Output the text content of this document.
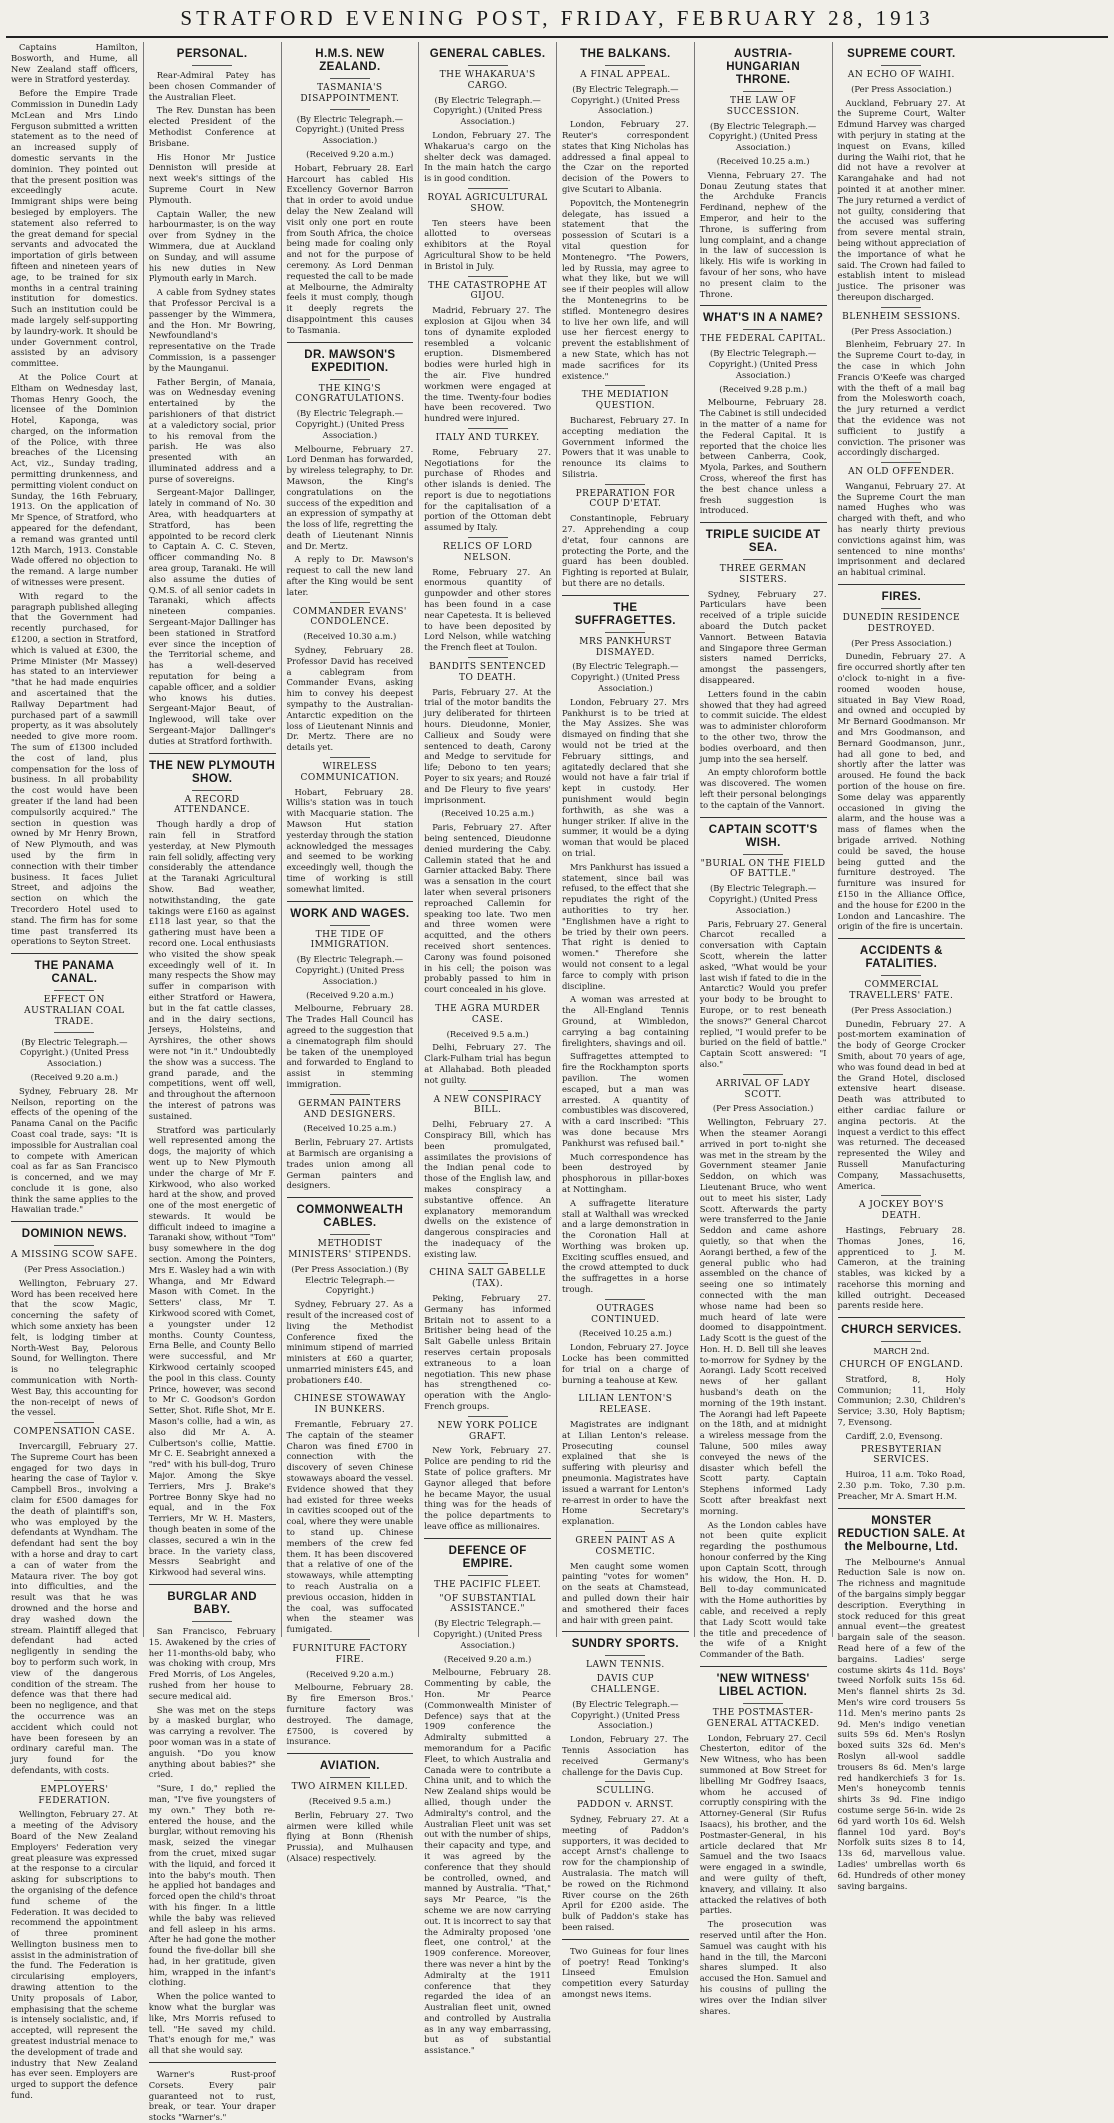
STRATFORD EVENING POST, FRIDAY, FEBRUARY 28, 1913

Captains Hamilton, Bosworth, and Hume, all New Zealand staff officers, were in Stratford yesterday.

Before the Empire Trade Commission in Dunedin Lady McLean and Mrs Lindo Ferguson submitted a written statement as to the need of an increased supply of domestic servants in the dominion. They pointed out that the present position was exceedingly acute. Immigrant ships were being besieged by employers. The statement also referred to the great demand for special servants and advocated the importation of girls between fifteen and nineteen years of age, to be trained for six months in a central training institution for domestics. Such an institution could be made largely self-supporting by laundry-work. It should be under Government control, assisted by an advisory committee.

At the Police Court at Eltham on Wednesday last, Thomas Henry Gooch, the licensee of the Dominion Hotel, Kaponga, was charged, on the information of the Police, with three breaches of the Licensing Act, viz., Sunday trading, permitting drunkenness, and permitting violent conduct on Sunday, the 16th February, 1913. On the application of Mr Spence, of Stratford, who appeared for the defendant, a remand was granted until 12th March, 1913. Constable Wade offered no objection to the remand. A large number of witnesses were present.

With regard to the paragraph published alleging that the Government had recently purchased, for £1200, a section in Stratford, which is valued at £300, the Prime Minister (Mr Massey) has stated to an interviewer "that he had made enquiries and ascertained that the Railway Department had purchased part of a sawmill property, as it was absolutely needed to give more room. The sum of £1300 included the cost of land, plus compensation for the loss of business. In all probability the cost would have been greater if the land had been compulsorily acquired." The section in question was owned by Mr Henry Brown, of New Plymouth, and was used by the firm in connection with their timber business. It faces Juliet Street, and adjoins the section on which the Trecordero Hotel used to stand. The firm has for some time past transferred its operations to Seyton Street.

THE PANAMA CANAL.
EFFECT ON AUSTRALIAN COAL TRADE.

(By Electric Telegraph.—Copyright.) (United Press Association.)

(Received 9.20 a.m.)

Sydney, February 28. Mr Neilson, reporting on the effects of the opening of the Panama Canal on the Pacific Coast coal trade, says: "It is impossible for Australian coal to compete with American coal as far as San Francisco is concerned, and we may conclude it is gone, also think the same applies to the Hawaiian trade."

DOMINION NEWS.
A MISSING SCOW SAFE.

(Per Press Association.)

Wellington, February 27. Word has been received here that the scow Magic, concerning the safety of which some anxiety has been felt, is lodging timber at North-West Bay, Pelorous Sound, for Wellington. There is no telegraphic communication with North-West Bay, this accounting for the non-receipt of news of the vessel.

COMPENSATION CASE.

Invercargill, February 27. The Supreme Court has been engaged for two days in hearing the case of Taylor v. Campbell Bros., involving a claim for £500 damages for the death of plaintiff's son, who was employed by the defendants at Wyndham. The defendant had sent the boy with a horse and dray to cart a can of water from the Mataura river. The boy got into difficulties, and the result was that he was drowned and the horse and dray washed down the stream. Plaintiff alleged that defendant had acted negligently in sending the boy to perform such work, in view of the dangerous condition of the stream. The defence was that there had been no negligence, and that the occurrence was an accident which could not have been foreseen by an ordinary careful man. The jury found for the defendants, with costs.

EMPLOYERS' FEDERATION.

Wellington, February 27. At a meeting of the Advisory Board of the New Zealand Employers' Federation very great pleasure was expressed at the response to a circular asking for subscriptions to the organising of the defence fund scheme of the Federation. It was decided to recommend the appointment of three prominent Wellington business men to assist in the administration of the fund. The Federation is circularising employers, drawing attention to the Unity proposals of Labor, emphasising that the scheme is intensely socialistic, and, if accepted, will represent the greatest industrial menace to the development of trade and industry that New Zealand has ever seen. Employers are urged to support the defence fund.

PERSONAL.

Rear-Admiral Patey has been chosen Commander of the Australian Fleet.

The Rev. Dunstan has been elected President of the Methodist Conference at Brisbane.

His Honor Mr Justice Denniston will preside at next week's sittings of the Supreme Court in New Plymouth.

Captain Waller, the new harbourmaster, is on the way over from Sydney in the Wimmera, due at Auckland on Sunday, and will assume his new duties in New Plymouth early in March.

A cable from Sydney states that Professor Percival is a passenger by the Wimmera, and the Hon. Mr Bowring, Newfoundland's representative on the Trade Commission, is a passenger by the Maunganui.

Father Bergin, of Manaia, was on Wednesday evening entertained by the parishioners of that district at a valedictory social, prior to his removal from the parish. He was also presented with an illuminated address and a purse of sovereigns.

Sergeant-Major Dallinger, lately in command of No. 30 Area, with headquarters at Stratford, has been appointed to be record clerk to Captain A. C. C. Steven, officer commanding No. 8 area group, Taranaki. He will also assume the duties of Q.M.S. of all senior cadets in Taranaki, which affects nineteen companies. Sergeant-Major Dallinger has been stationed in Stratford ever since the inception of the Territorial scheme, and has a well-deserved reputation for being a capable officer, and a soldier who knows his duties. Sergeant-Major Beaut, of Inglewood, will take over Sergeant-Major Dallinger's duties at Stratford forthwith.

THE NEW PLYMOUTH SHOW.
A RECORD ATTENDANCE.

Though hardly a drop of rain fell in Stratford yesterday, at New Plymouth rain fell solidly, affecting very considerably the attendance at the Taranaki Agricultural Show. Bad weather, notwithstanding, the gate takings were £160 as against £118 last year, so that the gathering must have been a record one. Local enthusiasts who visited the show speak exceedingly well of it. In many respects the Show may suffer in comparison with either Stratford or Hawera, but in the fat cattle classes, and in the dairy sections, Jerseys, Holsteins, and Ayrshires, the other shows were not "in it." Undoubtedly the show was a success. The grand parade, and the competitions, went off well, and throughout the afternoon the interest of patrons was sustained.

Stratford was particularly well represented among the dogs, the majority of which went up to New Plymouth under the charge of Mr F. Kirkwood, who also worked hard at the show, and proved one of the most energetic of stewards. It would be difficult indeed to imagine a Taranaki show, without "Tom" busy somewhere in the dog section. Among the Pointers, Mrs E. Wasley had a win with Whanga, and Mr Edward Mason with Comet. In the Setters' class, Mr T. Kirkwood scored with Comet, a youngster under 12 months. County Countess, Erna Belle, and County Bello were successful, and Mr Kirkwood certainly scooped the pool in this class. County Prince, however, was second to Mr C. Goodson's Gordon Setter, Shot. Rifle Shot, Mr E. Mason's collie, had a win, as also did Mr A. A. Culbertson's collie, Mattie. Mr C. E. Seabright annexed a "red" with his bull-dog, Truro Major. Among the Skye Terriers, Mrs J. Brake's Portree Bonny Skye had no equal, and in the Fox Terriers, Mr W. H. Masters, though beaten in some of the classes, secured a win in the brace. In the variety class, Messrs Seabright and Kirkwood had several wins.

BURGLAR AND BABY.

San Francisco, February 15. Awakened by the cries of her 11-months-old baby, who was choking with croup, Mrs Fred Morris, of Los Angeles, rushed from her house to secure medical aid.

She was met on the steps by a masked burglar, who was carrying a revolver. The poor woman was in a state of anguish. "Do you know anything about babies?" she cried.

"Sure, I do," replied the man, "I've five youngsters of my own." They both re-entered the house, and the burglar, without removing his mask, seized the vinegar from the cruet, mixed sugar with the liquid, and forced it into the baby's mouth. Then he applied hot bandages and forced open the child's throat with his finger. In a little while the baby was relieved and fell asleep in his arms. After he had gone the mother found the five-dollar bill she had, in her gratitude, given him, wrapped in the infant's clothing.

When the police wanted to know what the burglar was like, Mrs Morris refused to tell. "He saved my child. That's enough for me," was all that she would say.

Warner's Rust-proof Corsets. Every pair guaranteed not to rust, break, or tear. Your draper stocks "Warner's."

H.M.S. NEW ZEALAND.
TASMANIA'S DISAPPOINTMENT.

(By Electric Telegraph.—Copyright.) (United Press Association.)

(Received 9.20 a.m.)

Hobart, February 28. Earl Harcourt has cabled His Excellency Governor Barron that in order to avoid undue delay the New Zealand will visit only one port en route from South Africa, the choice being made for coaling only and not for the purpose of ceremony. As Lord Denman requested the call to be made at Melbourne, the Admiralty feels it must comply, though it deeply regrets the disappointment this causes to Tasmania.

DR. MAWSON'S EXPEDITION.
THE KING'S CONGRATULATIONS.

(By Electric Telegraph.—Copyright.) (United Press Association.)

Melbourne, February 27. Lord Denman has forwarded, by wireless telegraphy, to Dr. Mawson, the King's congratulations on the success of the expedition and an expression of sympathy at the loss of life, regretting the death of Lieutenant Ninnis and Dr. Mertz.

A reply to Dr. Mawson's request to call the new land after the King would be sent later.

COMMANDER EVANS' CONDOLENCE.

(Received 10.30 a.m.)

Sydney, February 28. Professor David has received a cablegram from Commander Evans, asking him to convey his deepest sympathy to the Australian-Antarctic expedition on the loss of Lieutenant Ninnis and Dr. Mertz. There are no details yet.

WIRELESS COMMUNICATION.

Hobart, February 28. Willis's station was in touch with Macquarie station. The Mawson Hut station yesterday through the station acknowledged the messages and seemed to be working exceedingly well, though the time of working is still somewhat limited.

WORK AND WAGES.
THE TIDE OF IMMIGRATION.

(By Electric Telegraph.—Copyright.) (United Press Association.)

(Received 9.20 a.m.)

Melbourne, February 28. The Trades Hall Council has agreed to the suggestion that a cinematograph film should be taken of the unemployed and forwarded to England to assist in stemming immigration.

GERMAN PAINTERS AND DESIGNERS.

(Received 10.25 a.m.)

Berlin, February 27. Artists at Barmisch are organising a trades union among all German painters and designers.

COMMONWEALTH CABLES.
METHODIST MINISTERS' STIPENDS.

(Per Press Association.) (By Electric Telegraph.—Copyright.)

Sydney, February 27. As a result of the increased cost of living the Methodist Conference fixed the minimum stipend of married ministers at £60 a quarter, unmarried ministers £45, and probationers £40.

CHINESE STOWAWAY IN BUNKERS.

Fremantle, February 27. The captain of the steamer Charon was fined £700 in connection with the discovery of seven Chinese stowaways aboard the vessel. Evidence showed that they had existed for three weeks in cavities scooped out of the coal, where they were unable to stand up. Chinese members of the crew fed them. It has been discovered that a relative of one of the stowaways, while attempting to reach Australia on a previous occasion, hidden in the coal, was suffocated when the steamer was fumigated.

FURNITURE FACTORY FIRE.

(Received 9.20 a.m.)

Melbourne, February 28. By fire Emerson Bros.' furniture factory was destroyed. The damage, £7500, is covered by insurance.

AVIATION.
TWO AIRMEN KILLED.

(Received 9.5 a.m.)

Berlin, February 27. Two airmen were killed while flying at Bonn (Rhenish Prussia), and Mulhausen (Alsace) respectively.

GENERAL CABLES.
THE WHAKARUA'S CARGO.

(By Electric Telegraph.—Copyright.) (United Press Association.)

London, February 27. The Whakarua's cargo on the shelter deck was damaged. In the main hatch the cargo is in good condition.

ROYAL AGRICULTURAL SHOW.

Ten steers have been allotted to overseas exhibitors at the Royal Agricultural Show to be held in Bristol in July.

THE CATASTROPHE AT GIJOU.

Madrid, February 27. The explosion at Gijou when 34 tons of dynamite exploded resembled a volcanic eruption. Dismembered bodies were hurled high in the air. Five hundred workmen were engaged at the time. Twenty-four bodies have been recovered. Two hundred were injured.

ITALY AND TURKEY.

Rome, February 27. Negotiations for the purchase of Rhodes and other islands is denied. The report is due to negotiations for the capitalisation of a portion of the Ottoman debt assumed by Italy.

RELICS OF LORD NELSON.

Rome, February 27. An enormous quantity of gunpowder and other stores has been found in a case near Capetesta. It is believed to have been deposited by Lord Nelson, while watching the French fleet at Toulon.

BANDITS SENTENCED TO DEATH.

Paris, February 27. At the trial of the motor bandits the jury deliberated for thirteen hours. Dieudonne, Monier, Callieux and Soudy were sentenced to death, Carony and Medge to servitude for life; Debono to ten years; Poyer to six years; and Rouzé and De Fleury to five years' imprisonment.

(Received 10.25 a.m.)

Paris, February 27. After being sentenced, Dieudonne denied murdering the Caby. Callemin stated that he and Garnier attacked Baby. There was a sensation in the court later when several prisoners reproached Callemin for speaking too late. Two men and three women were acquitted, and the others received short sentences. Carony was found poisoned in his cell; the poison was probably passed to him in court concealed in his glove.

THE AGRA MURDER CASE.

(Received 9.5 a.m.)

Delhi, February 27. The Clark-Fulham trial has begun at Allahabad. Both pleaded not guilty.

A NEW CONSPIRACY BILL.

Delhi, February 27. A Conspiracy Bill, which has been promulgated, assimilates the provisions of the Indian penal code to those of the English law, and makes conspiracy a substantive offence. An explanatory memorandum dwells on the existence of dangerous conspiracies and the inadequacy of the existing law.

CHINA SALT GABELLE (TAX).

Peking, February 27. Germany has informed Britain not to assent to a Britisher being head of the Salt Gabelle unless Britain reserves certain proposals extraneous to a loan negotiation. This new phase has strengthened co-operation with the Anglo-French groups.

NEW YORK POLICE GRAFT.

New York, February 27. Police are pending to rid the State of police grafters. Mr Gaynor alleged that before he became Mayor, the usual thing was for the heads of the police departments to leave office as millionaires.

DEFENCE OF EMPIRE.
THE PACIFIC FLEET.
"OF SUBSTANTIAL ASSISTANCE."

(By Electric Telegraph.—Copyright.) (United Press Association.)

(Received 9.20 a.m.)

Melbourne, February 28. Commenting by cable, the Hon. Mr Pearce (Commonwealth Minister of Defence) says that at the 1909 conference the Admiralty submitted a memorandum for a Pacific Fleet, to which Australia and Canada were to contribute a China unit, and to which the New Zealand ships would be allied, though under the Admiralty's control, and the Australian Fleet unit was set out with the number of ships, their capacity and type, and it was agreed by the conference that they should be controlled, owned, and manned by Australia. "That," says Mr Pearce, "is the scheme we are now carrying out. It is incorrect to say that the Admiralty proposed 'one fleet, one control,' at the 1909 conference. Moreover, there was never a hint by the Admiralty at the 1911 conference that they regarded the idea of an Australian fleet unit, owned and controlled by Australia as in any way embarrassing, but as of substantial assistance."

THE BALKANS.
A FINAL APPEAL.

(By Electric Telegraph.—Copyright.) (United Press Association.)

London, February 27. Reuter's correspondent states that King Nicholas has addressed a final appeal to the Czar on the reported decision of the Powers to give Scutari to Albania.

Popovitch, the Montenegrin delegate, has issued a statement that the possession of Scutari is a vital question for Montenegro. "The Powers, led by Russia, may agree to what they like, but we will see if their peoples will allow the Montenegrins to be stifled. Montenegro desires to live her own life, and will use her fiercest energy to prevent the establishment of a new State, which has not made sacrifices for its existence."

THE MEDIATION QUESTION.

Bucharest, February 27. In accepting mediation the Government informed the Powers that it was unable to renounce its claims to Silistria.

PREPARATION FOR COUP D'ETAT.

Constantinople, February 27. Apprehending a coup d'etat, four cannons are protecting the Porte, and the guard has been doubled. Fighting is reported at Bulair, but there are no details.

THE SUFFRAGETTES.
MRS PANKHURST DISMAYED.

(By Electric Telegraph.—Copyright.) (United Press Association.)

London, February 27. Mrs Pankhurst is to be tried at the May Assizes. She was dismayed on finding that she would not be tried at the February sittings, and agitatedly declared that she would not have a fair trial if kept in custody. Her punishment would begin forthwith, as she was a hunger striker. If alive in the summer, it would be a dying woman that would be placed on trial.

Mrs Pankhurst has issued a statement, since bail was refused, to the effect that she repudiates the right of the authorities to try her. "Englishmen have a right to be tried by their own peers. That right is denied to women." Therefore she would not consent to a legal farce to comply with prison discipline.

A woman was arrested at the All-England Tennis Ground, at Wimbledon, carrying a bag containing firelighters, shavings and oil.

Suffragettes attempted to fire the Rockhampton sports pavilion. The women escaped, but a man was arrested. A quantity of combustibles was discovered, with a card inscribed: "This was done because Mrs Pankhurst was refused bail."

Much correspondence has been destroyed by phosphorous in pillar-boxes at Nottingham.

A suffragette literature stall at Walthall was wrecked and a large demonstration in the Coronation Hall at Worthing was broken up. Exciting scuffles ensued, and the crowd attempted to duck the suffragettes in a horse trough.

OUTRAGES CONTINUED.

(Received 10.25 a.m.)

London, February 27. Joyce Locke has been committed for trial on a charge of burning a teahouse at Kew.

LILIAN LENTON'S RELEASE.

Magistrates are indignant at Lilian Lenton's release. Prosecuting counsel explained that she is suffering with pleurisy and pneumonia. Magistrates have issued a warrant for Lenton's re-arrest in order to have the Home Secretary's explanation.

GREEN PAINT AS A COSMETIC.

Men caught some women painting "votes for women" on the seats at Chamstead, and pulled down their hair and smothered their faces and hair with green paint.

SUNDRY SPORTS.
LAWN TENNIS.
DAVIS CUP CHALLENGE.

(By Electric Telegraph.—Copyright.) (United Press Association.)

London, February 27. The Tennis Association has received Germany's challenge for the Davis Cup.

SCULLING.
PADDON v. ARNST.

Sydney, February 27. At a meeting of Paddon's supporters, it was decided to accept Arnst's challenge to row for the championship of Australasia. The match will be rowed on the Richmond River course on the 26th April for £200 aside. The bulk of Paddon's stake has been raised.

Two Guineas for four lines of poetry! Read Tonking's Linseed Emulsion competition every Saturday amongst news items.

AUSTRIA-HUNGARIAN THRONE.
THE LAW OF SUCCESSION.

(By Electric Telegraph.—Copyright.) (United Press Association.)

(Received 10.25 a.m.)

Vienna, February 27. The Donau Zeutung states that the Archduke Francis Ferdinand, nephew of the Emperor, and heir to the Throne, is suffering from lung complaint, and a change in the law of succession is likely. His wife is working in favour of her sons, who have no present claim to the Throne.

WHAT'S IN A NAME?
THE FEDERAL CAPITAL.

(By Electric Telegraph.—Copyright.) (United Press Association.)

(Received 9.28 p.m.)

Melbourne, February 28. The Cabinet is still undecided in the matter of a name for the Federal Capital. It is reported that the choice lies between Canberra, Cook, Myola, Parkes, and Southern Cross, whereof the first has the best chance unless a fresh suggestion is introduced.

TRIPLE SUICIDE AT SEA.
THREE GERMAN SISTERS.

Sydney, February 27. Particulars have been received of a triple suicide aboard the Dutch packet Vannort. Between Batavia and Singapore three German sisters named Derricks, amongst the passengers, disappeared.

Letters found in the cabin showed that they had agreed to commit suicide. The eldest was to administer chloroform to the other two, throw the bodies overboard, and then jump into the sea herself.

An empty chloroform bottle was discovered. The women left their personal belongings to the captain of the Vannort.

CAPTAIN SCOTT'S WISH.
"BURIAL ON THE FIELD OF BATTLE."

(By Electric Telegraph.—Copyright.) (United Press Association.)

Paris, February 27. General Charcot recalled a conversation with Captain Scott, wherein the latter asked, "What would be your last wish if fated to die in the Antarctic? Would you prefer your body to be brought to Europe, or to rest beneath the snows?" General Charcot replied, "I would prefer to be buried on the field of battle." Captain Scott answered: "I also."

ARRIVAL OF LADY SCOTT.

(Per Press Association.)

Wellington, February 27. When the steamer Aorangi arrived in port to-night she was met in the stream by the Government steamer Janie Seddon, on which was Lieutenant Bruce, who went out to meet his sister, Lady Scott. Afterwards the party were transferred to the Janie Seddon and came ashore quietly, so that when the Aorangi berthed, a few of the general public who had assembled on the chance of seeing one so intimately connected with the man whose name had been so much heard of late were doomed to disappointment. Lady Scott is the guest of the Hon. H. D. Bell till she leaves to-morrow for Sydney by the Aorangi. Lady Scott received news of her gallant husband's death on the morning of the 19th instant. The Aorangi had left Papeete on the 18th, and at midnight a wireless message from the Talune, 500 miles away conveyed the news of the disaster which befell the Scott party. Captain Stephens informed Lady Scott after breakfast next morning.

As the London cables have not been quite explicit regarding the posthumous honour conferred by the King upon Captain Scott, through his widow, the Hon. H. D. Bell to-day communicated with the Home authorities by cable, and received a reply that Lady Scott would take the title and precedence of the wife of a Knight Commander of the Bath.

'NEW WITNESS' LIBEL ACTION.
THE POSTMASTER-GENERAL ATTACKED.

London, February 27. Cecil Chesterton, editor of the New Witness, who has been summoned at Bow Street for libelling Mr Godfrey Isaacs, whom he accused of corruptly conspiring with the Attorney-General (Sir Rufus Isaacs), his brother, and the Postmaster-General, in his article declared that Mr Samuel and the two Isaacs were engaged in a swindle, and were guilty of theft, knavery, and villainy. It also attacked the relatives of both parties.

The prosecution was reserved until after the Hon. Samuel was caught with his hand in the till, the Marconi shares slumped. It also accused the Hon. Samuel and his cousins of pulling the wires over the Indian silver shares.

SUPREME COURT.
AN ECHO OF WAIHI.

(Per Press Association.)

Auckland, February 27. At the Supreme Court, Walter Edmund Harvey was charged with perjury in stating at the inquest on Evans, killed during the Waihi riot, that he did not have a revolver at Karangahake and had not pointed it at another miner. The jury returned a verdict of not guilty, considering that the accused was suffering from severe mental strain, being without appreciation of the importance of what he said. The Crown had failed to establish intent to mislead justice. The prisoner was thereupon discharged.

BLENHEIM SESSIONS.

(Per Press Association.)

Blenheim, February 27. In the Supreme Court to-day, in the case in which John Francis O'Keefe was charged with the theft of a mail bag from the Molesworth coach, the jury returned a verdict that the evidence was not sufficient to justify a conviction. The prisoner was accordingly discharged.

AN OLD OFFENDER.

Wanganui, February 27. At the Supreme Court the man named Hughes who was charged with theft, and who has nearly thirty previous convictions against him, was sentenced to nine months' imprisonment and declared an habitual criminal.

FIRES.
DUNEDIN RESIDENCE DESTROYED.

(Per Press Association.)

Dunedin, February 27. A fire occurred shortly after ten o'clock to-night in a five-roomed wooden house, situated in Bay View Road, and owned and occupied by Mr Bernard Goodmanson. Mr and Mrs Goodmanson, and Bernard Goodmanson, junr., had all gone to bed, and shortly after the latter was aroused. He found the back portion of the house on fire. Some delay was apparently occasioned in giving the alarm, and the house was a mass of flames when the brigade arrived. Nothing could be saved, the house being gutted and the furniture destroyed. The furniture was insured for £150 in the Alliance Office, and the house for £200 in the London and Lancashire. The origin of the fire is uncertain.

ACCIDENTS & FATALITIES.
COMMERCIAL TRAVELLERS' FATE.

(Per Press Association.)

Dunedin, February 27. A post-mortem examination of the body of George Crocker Smith, about 70 years of age, who was found dead in bed at the Grand Hotel, disclosed extensive heart disease. Death was attributed to either cardiac failure or angina pectoris. At the inquest a verdict to this effect was returned. The deceased represented the Wiley and Russell Manufacturing Company, Massachusetts, America.

A JOCKEY BOY'S DEATH.

Hastings, February 28. Thomas Jones, 16, apprenticed to J. M. Cameron, at the training stables, was kicked by a racehorse this morning and killed outright. Deceased parents reside here.

CHURCH SERVICES.

MARCH 2nd.

CHURCH OF ENGLAND.

Stratford, 8, Holy Communion; 11, Holy Communion; 2.30, Children's Service; 3.30, Holy Baptism; 7, Evensong.

Cardiff, 2.0, Evensong.

PRESBYTERIAN SERVICES.

Huiroa, 11 a.m. Toko Road, 2.30 p.m. Toko, 7.30 p.m. Preacher, Mr A. Smart H.M.

MONSTER REDUCTION SALE. At the Melbourne, Ltd.

The Melbourne's Annual Reduction Sale is now on. The richness and magnitude of the bargains simply beggar description. Everything in stock reduced for this great annual event—the greatest bargain sale of the season. Read here of a few of the bargains. Ladies' serge costume skirts 4s 11d. Boys' tweed Norfolk suits 15s 6d. Men's flannel shirts 2s 3d. Men's wire cord trousers 5s 11d. Men's merino pants 2s 9d. Men's indigo venetian suits 59s 6d. Men's Roslyn boxed suits 32s 6d. Men's Roslyn all-wool saddle trousers 8s 6d. Men's large red handkerchiefs 3 for 1s. Men's honeycomb tennis shirts 3s 9d. Fine indigo costume serge 56-in. wide 2s 6d yard worth 10s 6d. Welsh flannel 10d yard. Boy's Norfolk suits sizes 8 to 14, 13s 6d, marvellous value. Ladies' umbrellas worth 6s 6d. Hundreds of other money saving bargains.
